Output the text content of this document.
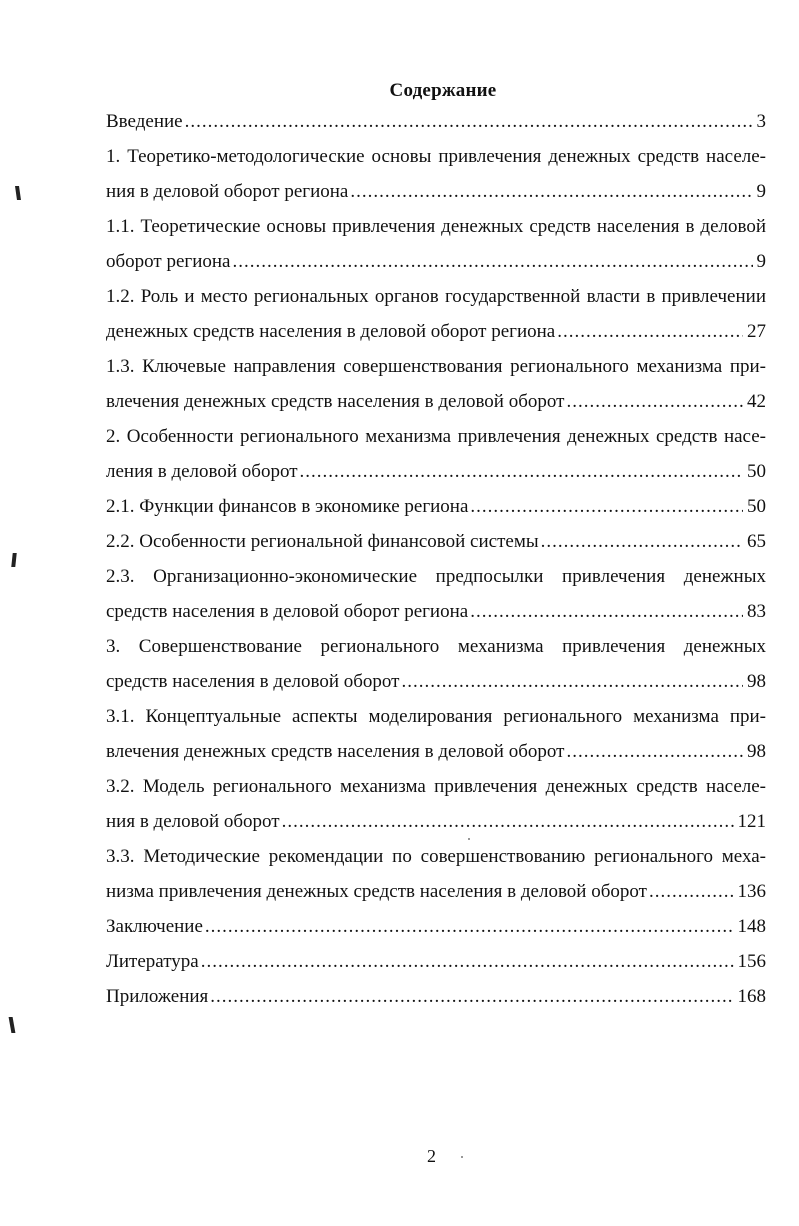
Содержание
Введение .....	3
1. Теоретико-методологические основы привлечения денежных средств населе-
ния в деловой оборот региона .....	9
1.1. Теоретические основы привлечения денежных средств населения в деловой
оборот региона .....	9
1.2. Роль и место региональных органов государственной власти в привлечении
денежных средств населения в деловой оборот региона .....	27
1.3. Ключевые направления совершенствования регионального механизма при-
влечения денежных средств населения в деловой оборот .....	42
2. Особенности регионального механизма привлечения денежных средств насе-
ления в деловой оборот .....	50
2.1. Функции финансов в экономике региона .....	50
2.2. Особенности региональной финансовой системы .....	65
2.3. Организационно-экономические предпосылки привлечения денежных
средств населения в деловой оборот региона .....	83
3. Совершенствование регионального механизма привлечения денежных
средств населения в деловой оборот .....	98
3.1. Концептуальные аспекты моделирования регионального механизма при-
влечения денежных средств населения в деловой оборот .....	98
3.2. Модель регионального механизма привлечения денежных средств населе-
ния в деловой оборот .....	121
3.3. Методические рекомендации по совершенствованию регионального меха-
низма привлечения денежных средств населения в деловой оборот .....	136
Заключение .....	148
Литература .....	156
Приложения .....	168
2
